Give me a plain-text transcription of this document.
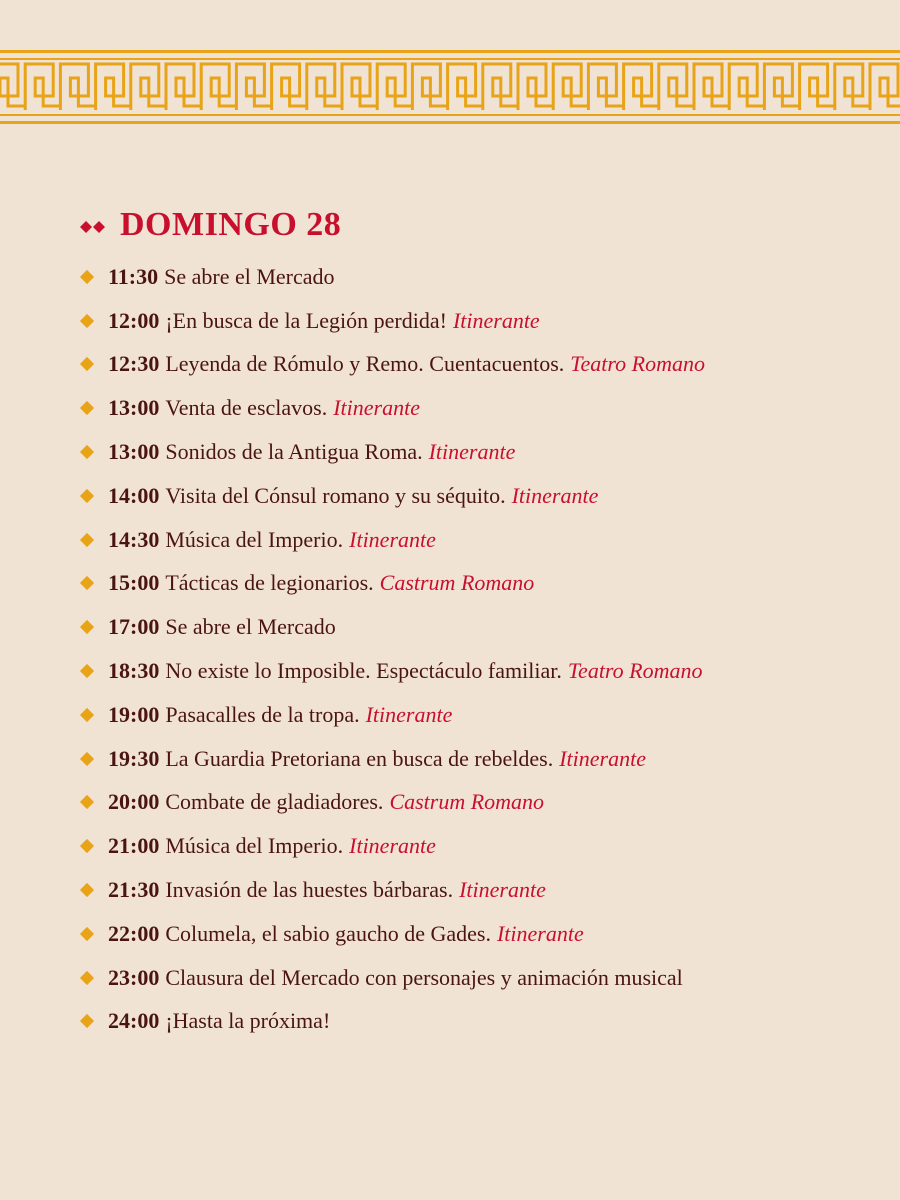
DOMINGO 28
11:30 Se abre el Mercado
12:00 ¡En busca de la Legión perdida! Itinerante
12:30 Leyenda de Rómulo y Remo. Cuentacuentos. Teatro Romano
13:00 Venta de esclavos. Itinerante
13:00 Sonidos de la Antigua Roma. Itinerante
14:00 Visita del Cónsul romano y su séquito. Itinerante
14:30 Música del Imperio. Itinerante
15:00 Tácticas de legionarios. Castrum Romano
17:00 Se abre el Mercado
18:30 No existe lo Imposible. Espectáculo familiar. Teatro Romano
19:00 Pasacalles de la tropa. Itinerante
19:30 La Guardia Pretoriana en busca de rebeldes. Itinerante
20:00 Combate de gladiadores. Castrum Romano
21:00 Música del Imperio. Itinerante
21:30 Invasión de las huestes bárbaras. Itinerante
22:00 Columela, el sabio gaucho de Gades. Itinerante
23:00 Clausura del Mercado con personajes y animación musical
24:00 ¡Hasta la próxima!
